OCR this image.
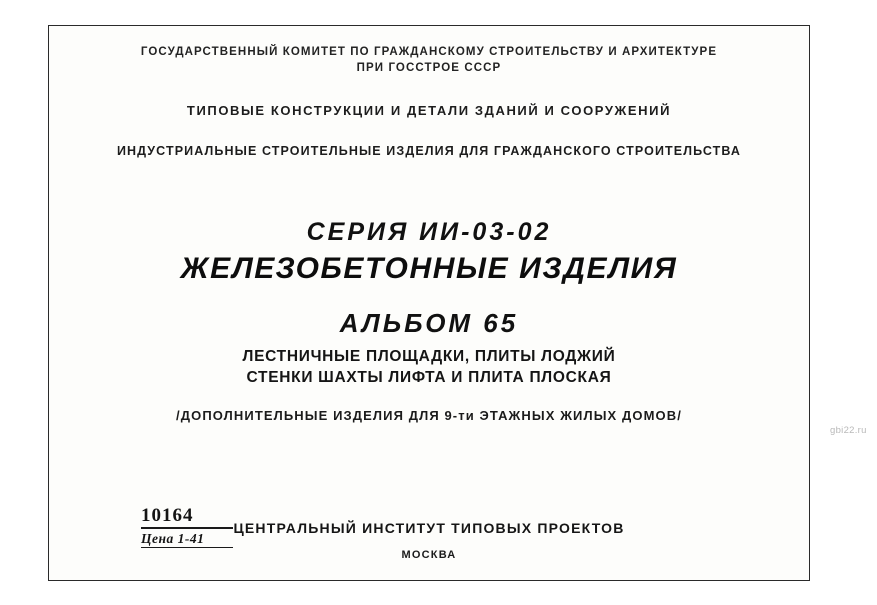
ГОСУДАРСТВЕННЫЙ КОМИТЕТ ПО ГРАЖДАНСКОМУ СТРОИТЕЛЬСТВУ И АРХИТЕКТУРЕ
ПРИ ГОССТРОЕ СССР
ТИПОВЫЕ КОНСТРУКЦИИ И ДЕТАЛИ ЗДАНИЙ И СООРУЖЕНИЙ
ИНДУСТРИАЛЬНЫЕ СТРОИТЕЛЬНЫЕ ИЗДЕЛИЯ ДЛЯ ГРАЖДАНСКОГО СТРОИТЕЛЬСТВА
СЕРИЯ ИИ-03-02
ЖЕЛЕЗОБЕТОННЫЕ ИЗДЕЛИЯ
АЛЬБОМ 65
ЛЕСТНИЧНЫЕ ПЛОЩАДКИ, ПЛИТЫ ЛОДЖИЙ
СТЕНКИ ШАХТЫ ЛИФТА И ПЛИТА ПЛОСКАЯ
/ДОПОЛНИТЕЛЬНЫЕ ИЗДЕЛИЯ ДЛЯ 9-ти ЭТАЖНЫХ ЖИЛЫХ ДОМОВ/
10164
Цена 1-41
ЦЕНТРАЛЬНЫЙ ИНСТИТУТ ТИПОВЫХ ПРОЕКТОВ
МОСКВА
gbi22.ru
